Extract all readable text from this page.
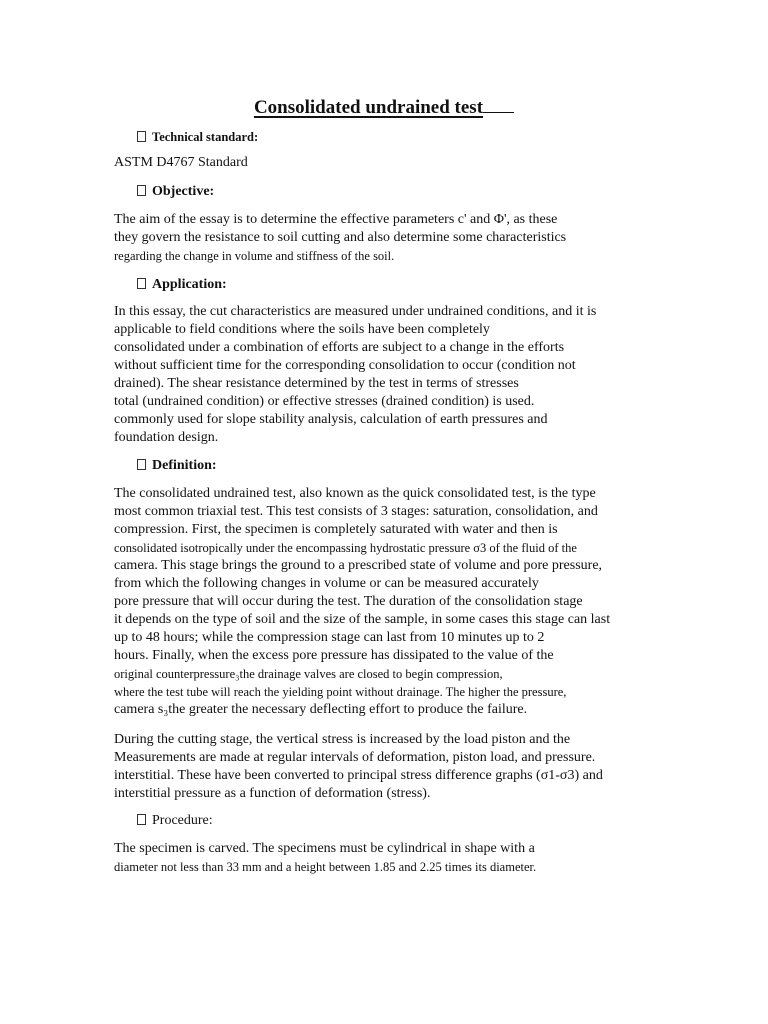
Consolidated undrained test
Technical standard:
ASTM D4767 Standard
Objective:
The aim of the essay is to determine the effective parameters c' and Φ', as these
they govern the resistance to soil cutting and also determine some characteristics
regarding the change in volume and stiffness of the soil.
Application:
In this essay, the cut characteristics are measured under undrained conditions, and it is
applicable to field conditions where the soils have been completely
consolidated under a combination of efforts are subject to a change in the efforts
without sufficient time for the corresponding consolidation to occur (condition not
drained). The shear resistance determined by the test in terms of stresses
total (undrained condition) or effective stresses (drained condition) is used.
commonly used for slope stability analysis, calculation of earth pressures and
foundation design.
Definition:
The consolidated undrained test, also known as the quick consolidated test, is the type
most common triaxial test. This test consists of 3 stages: saturation, consolidation, and
compression. First, the specimen is completely saturated with water and then is
consolidated isotropically under the encompassing hydrostatic pressure σ3 of the fluid of the
camera. This stage brings the ground to a prescribed state of volume and pore pressure,
from which the following changes in volume or can be measured accurately
pore pressure that will occur during the test. The duration of the consolidation stage
it depends on the type of soil and the size of the sample, in some cases this stage can last
up to 48 hours; while the compression stage can last from 10 minutes up to 2
hours. Finally, when the excess pore pressure has dissipated to the value of the
original counterpressure₃the drainage valves are closed to begin compression,
where the test tube will reach the yielding point without drainage. The higher the pressure,
camera s₃the greater the necessary deflecting effort to produce the failure.
During the cutting stage, the vertical stress is increased by the load piston and the
Measurements are made at regular intervals of deformation, piston load, and pressure.
interstitial. These have been converted to principal stress difference graphs (σ1-σ3) and
interstitial pressure as a function of deformation (stress).
Procedure:
The specimen is carved. The specimens must be cylindrical in shape with a
diameter not less than 33 mm and a height between 1.85 and 2.25 times its diameter.
